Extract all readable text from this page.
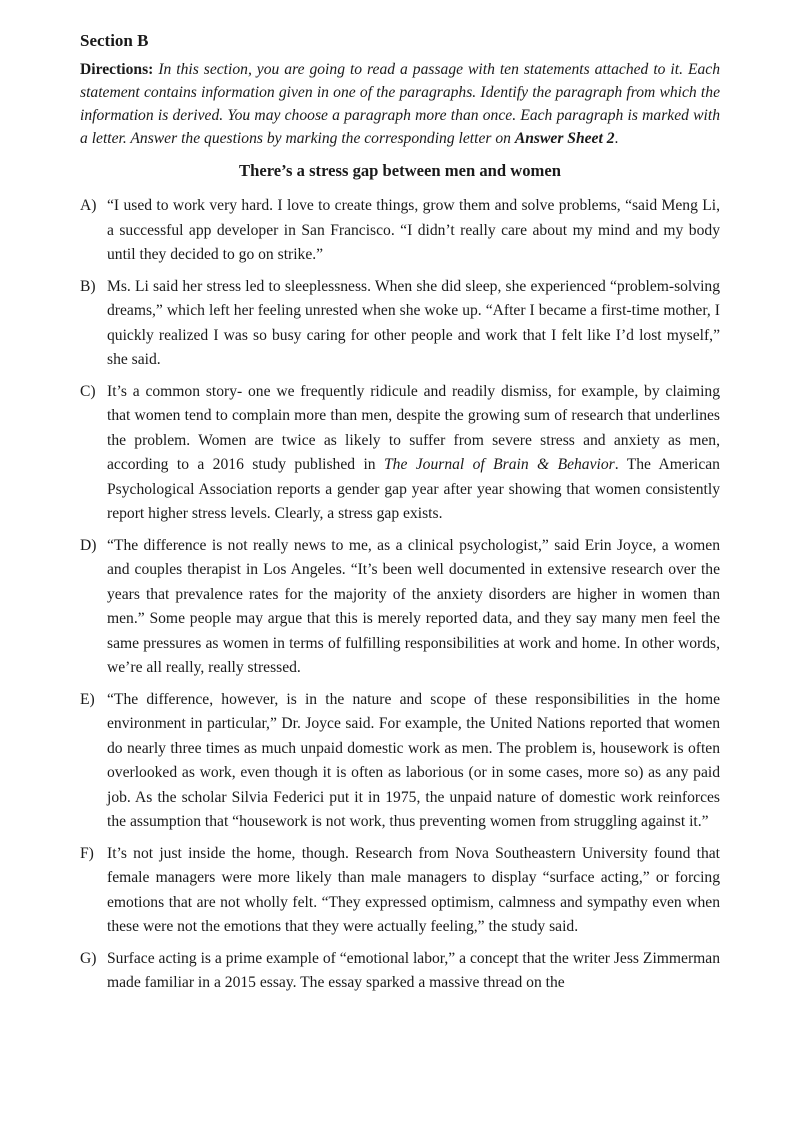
Section B

Directions: In this section, you are going to read a passage with ten statements attached to it. Each statement contains information given in one of the paragraphs. Identify the paragraph from which the information is derived. You may choose a paragraph more than once. Each paragraph is marked with a letter. Answer the questions by marking the corresponding letter on Answer Sheet 2.

There’s a stress gap between men and women
A) “I used to work very hard. I love to create things, grow them and solve problems, “said Meng Li, a successful app developer in San Francisco. “I didn’t really care about my mind and my body until they decided to go on strike.”
B) Ms. Li said her stress led to sleeplessness. When she did sleep, she experienced “problem-solving dreams,” which left her feeling unrested when she woke up. “After I became a first-time mother, I quickly realized I was so busy caring for other people and work that I felt like I’d lost myself,” she said.
C) It’s a common story- one we frequently ridicule and readily dismiss, for example, by claiming that women tend to complain more than men, despite the growing sum of research that underlines the problem. Women are twice as likely to suffer from severe stress and anxiety as men, according to a 2016 study published in The Journal of Brain & Behavior. The American Psychological Association reports a gender gap year after year showing that women consistently report higher stress levels. Clearly, a stress gap exists.
D) “The difference is not really news to me, as a clinical psychologist,” said Erin Joyce, a women and couples therapist in Los Angeles. “It’s been well documented in extensive research over the years that prevalence rates for the majority of the anxiety disorders are higher in women than men.” Some people may argue that this is merely reported data, and they say many men feel the same pressures as women in terms of fulfilling responsibilities at work and home. In other words, we’re all really, really stressed.
E) “The difference, however, is in the nature and scope of these responsibilities in the home environment in particular,” Dr. Joyce said. For example, the United Nations reported that women do nearly three times as much unpaid domestic work as men. The problem is, housework is often overlooked as work, even though it is often as laborious (or in some cases, more so) as any paid job. As the scholar Silvia Federici put it in 1975, the unpaid nature of domestic work reinforces the assumption that “housework is not work, thus preventing women from struggling against it.”
F) It’s not just inside the home, though. Research from Nova Southeastern University found that female managers were more likely than male managers to display “surface acting,” or forcing emotions that are not wholly felt. “They expressed optimism, calmness and sympathy even when these were not the emotions that they were actually feeling,” the study said.
G) Surface acting is a prime example of “emotional labor,” a concept that the writer Jess Zimmerman made familiar in a 2015 essay. The essay sparked a massive thread on the
